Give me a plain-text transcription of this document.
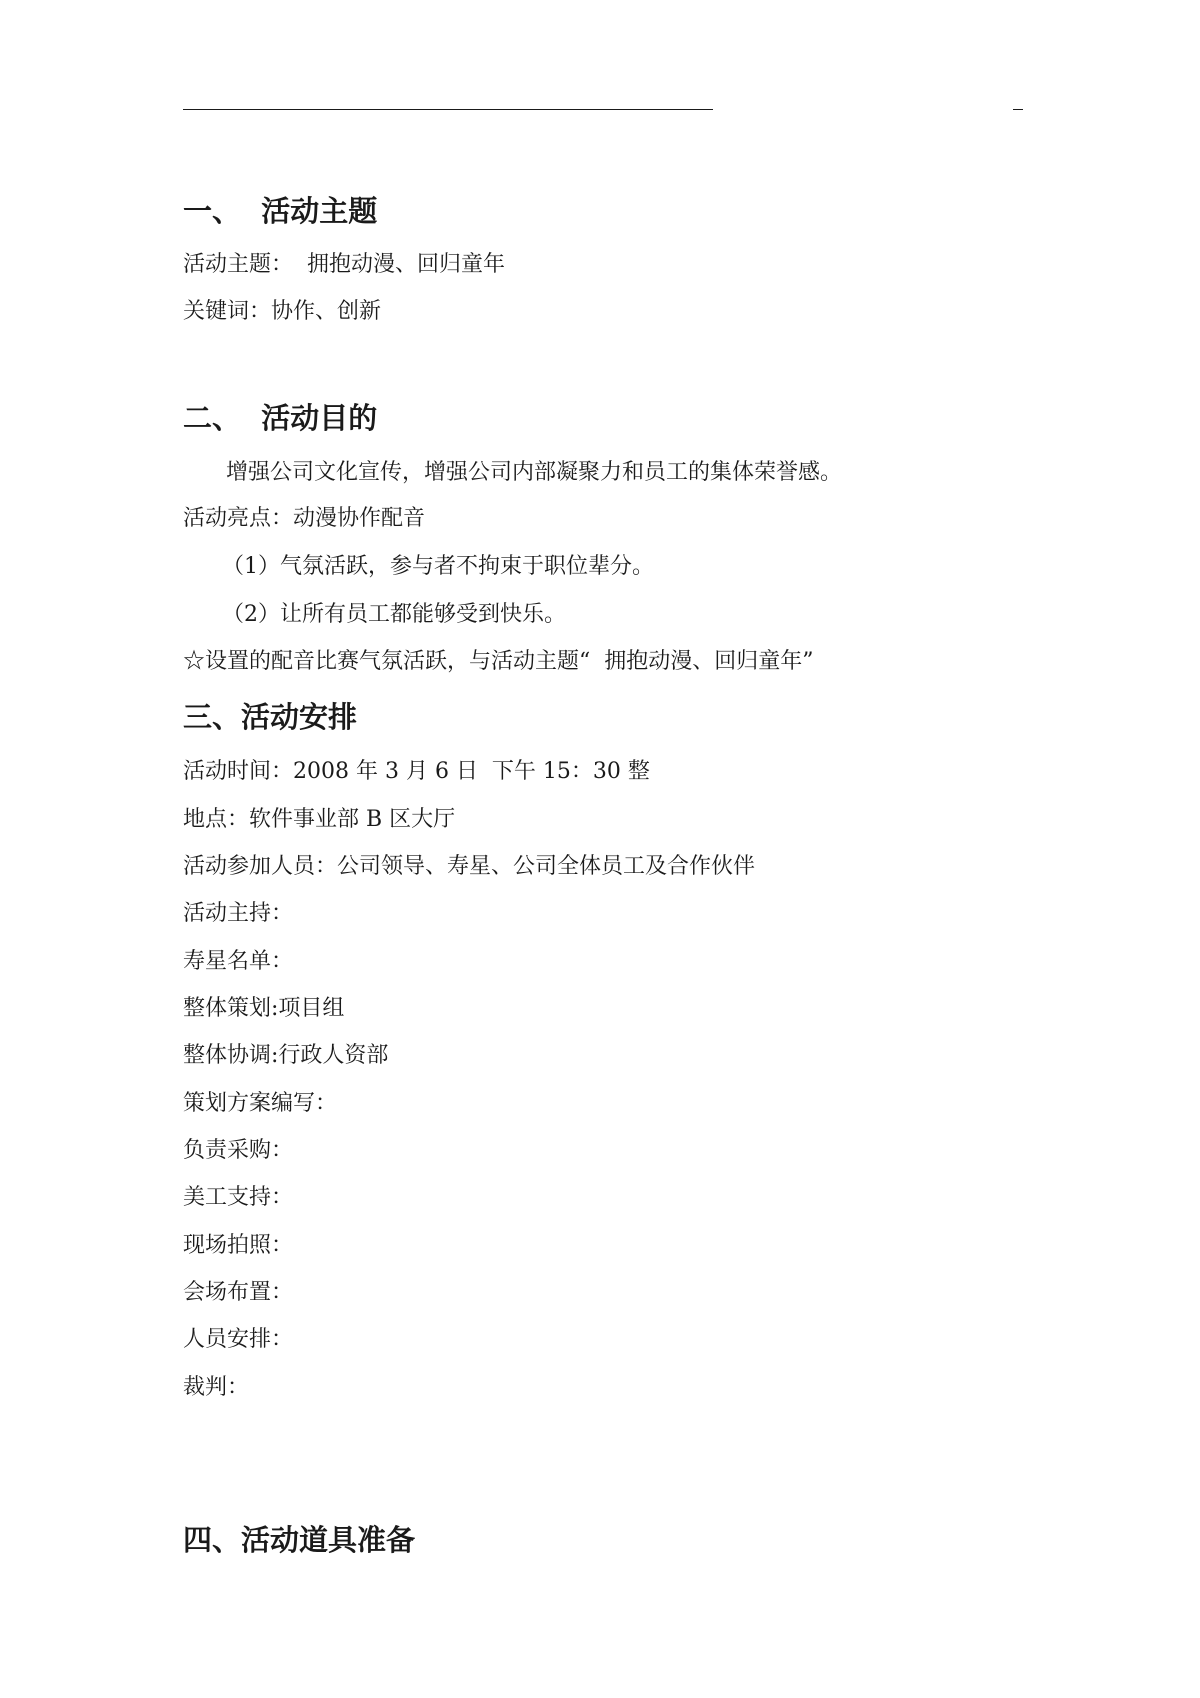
一、  活动主题
活动主题：  拥抱动漫、回归童年
关键词：协作、创新
二、  活动目的
增强公司文化宣传，增强公司内部凝聚力和员工的集体荣誉感。
活动亮点：动漫协作配音
（1）气氛活跃，参与者不拘束于职位辈分。
（2）让所有员工都能够受到快乐。
☆设置的配音比赛气氛活跃，与活动主题“  拥抱动漫、回归童年”
三、活动安排
活动时间：2008 年 3 月 6 日  下午 15：30 整
地点：软件事业部 B 区大厅
活动参加人员：公司领导、寿星、公司全体员工及合作伙伴
活动主持：
寿星名单：
整体策划:项目组
整体协调:行政人资部
策划方案编写：
负责采购：
美工支持：
现场拍照：
会场布置：
人员安排：
裁判：
四、活动道具准备
